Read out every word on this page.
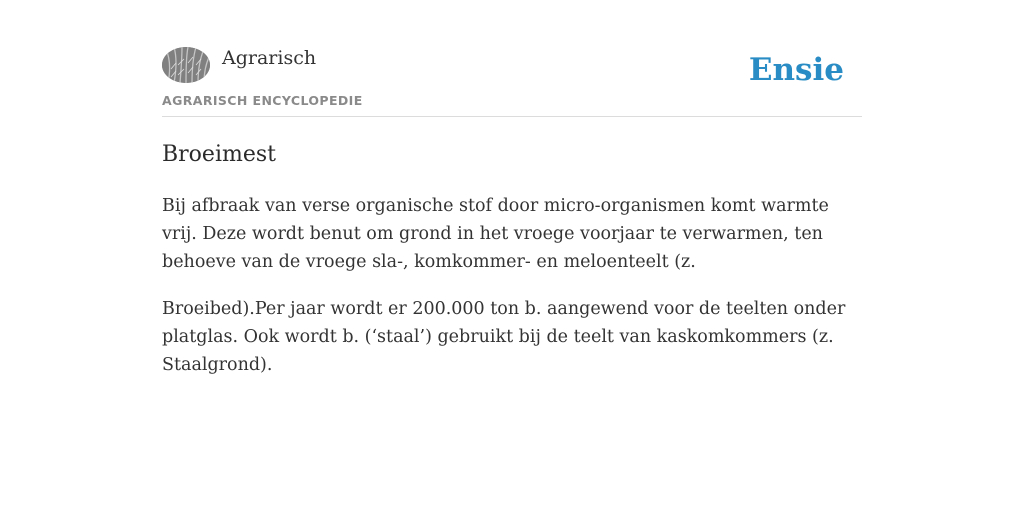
Agrarisch
AGRARISCH ENCYCLOPEDIE
Ensie
Broeimest

Bij afbraak van verse organische stof door micro-organismen komt warmte vrij. Deze wordt benut om grond in het vroege voorjaar te verwarmen, ten behoeve van de vroege sla-, komkommer- en meloenteelt (z.

Broeibed).Per jaar wordt er 200.000 ton b. aangewend voor de teelten onder platglas. Ook wordt b. (‘staal’) gebruikt bij de teelt van kaskomkommers (z. Staalgrond).
